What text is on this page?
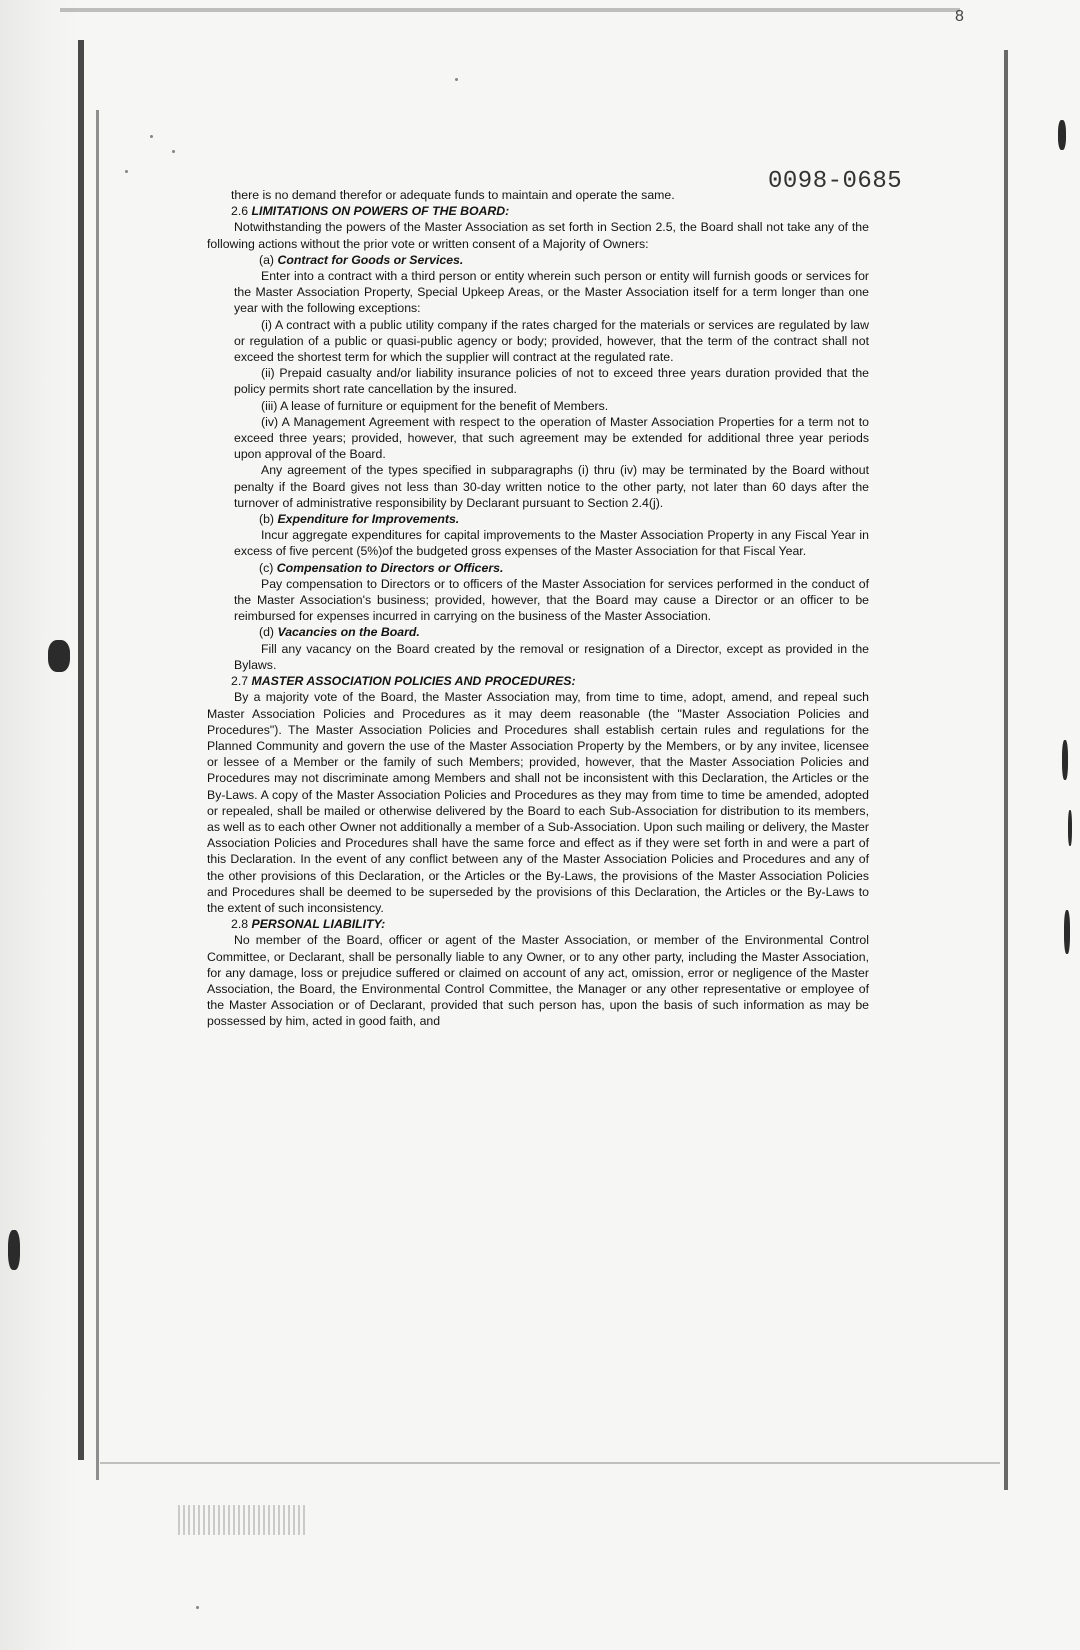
8
0098-0685

there is no demand therefor or adequate funds to maintain and operate the same.

2.6 LIMITATIONS ON POWERS OF THE BOARD:

Notwithstanding the powers of the Master Association as set forth in Section 2.5, the Board shall not take any of the following actions without the prior vote or written consent of a Majority of Owners:

(a) Contract for Goods or Services.

Enter into a contract with a third person or entity wherein such person or entity will furnish goods or services for the Master Association Property, Special Upkeep Areas, or the Master Association itself for a term longer than one year with the following exceptions:

(i) A contract with a public utility company if the rates charged for the materials or services are regulated by law or regulation of a public or quasi-public agency or body; provided, however, that the term of the contract shall not exceed the shortest term for which the supplier will contract at the regulated rate.

(ii) Prepaid casualty and/or liability insurance policies of not to exceed three years duration provided that the policy permits short rate cancellation by the insured.

(iii) A lease of furniture or equipment for the benefit of Members.

(iv) A Management Agreement with respect to the operation of Master Association Properties for a term not to exceed three years; provided, however, that such agreement may be extended for additional three year periods upon approval of the Board.

Any agreement of the types specified in subparagraphs (i) thru (iv) may be terminated by the Board without penalty if the Board gives not less than 30-day written notice to the other party, not later than 60 days after the turnover of administrative responsibility by Declarant pursuant to Section 2.4(j).

(b) Expenditure for Improvements.

Incur aggregate expenditures for capital improvements to the Master Association Property in any Fiscal Year in excess of five percent (5%)of the budgeted gross expenses of the Master Association for that Fiscal Year.

(c) Compensation to Directors or Officers.

Pay compensation to Directors or to officers of the Master Association for services performed in the conduct of the Master Association's business; provided, however, that the Board may cause a Director or an officer to be reimbursed for expenses incurred in carrying on the business of the Master Association.

(d) Vacancies on the Board.

Fill any vacancy on the Board created by the removal or resignation of a Director, except as provided in the Bylaws.

2.7 MASTER ASSOCIATION POLICIES AND PROCEDURES:

By a majority vote of the Board, the Master Association may, from time to time, adopt, amend, and repeal such Master Association Policies and Procedures as it may deem reasonable (the "Master Association Policies and Procedures"). The Master Association Policies and Procedures shall establish certain rules and regulations for the Planned Community and govern the use of the Master Association Property by the Members, or by any invitee, licensee or lessee of a Member or the family of such Members; provided, however, that the Master Association Policies and Procedures may not discriminate among Members and shall not be inconsistent with this Declaration, the Articles or the By-Laws. A copy of the Master Association Policies and Procedures as they may from time to time be amended, adopted or repealed, shall be mailed or otherwise delivered by the Board to each Sub-Association for distribution to its members, as well as to each other Owner not additionally a member of a Sub-Association. Upon such mailing or delivery, the Master Association Policies and Procedures shall have the same force and effect as if they were set forth in and were a part of this Declaration. In the event of any conflict between any of the Master Association Policies and Procedures and any of the other provisions of this Declaration, or the Articles or the By-Laws, the provisions of the Master Association Policies and Procedures shall be deemed to be superseded by the provisions of this Declaration, the Articles or the By-Laws to the extent of such inconsistency.

2.8 PERSONAL LIABILITY:

No member of the Board, officer or agent of the Master Association, or member of the Environmental Control Committee, or Declarant, shall be personally liable to any Owner, or to any other party, including the Master Association, for any damage, loss or prejudice suffered or claimed on account of any act, omission, error or negligence of the Master Association, the Board, the Environmental Control Committee, the Manager or any other representative or employee of the Master Association or of Declarant, provided that such person has, upon the basis of such information as may be possessed by him, acted in good faith, and
